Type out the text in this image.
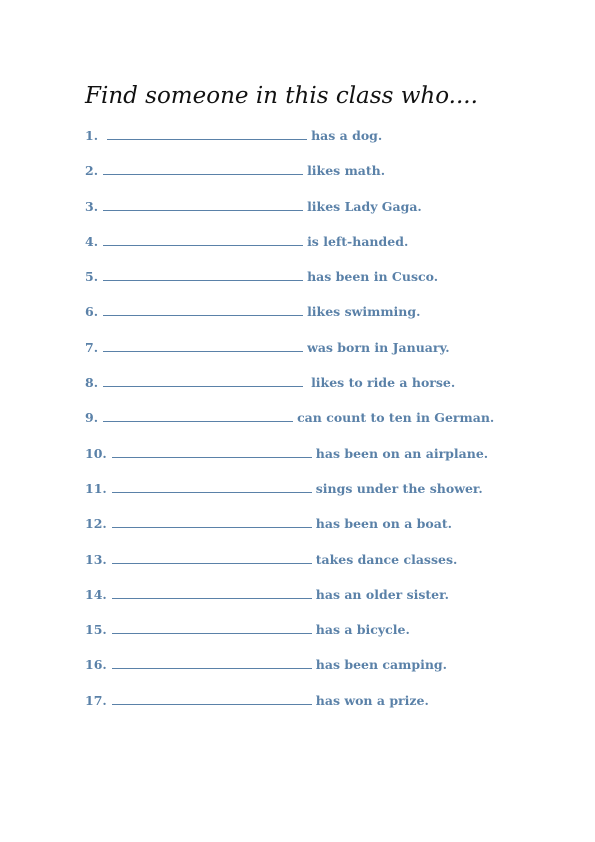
Find someone in this class who....
1.	has a dog.
2.	likes math.
3.	likes Lady Gaga.
4.	is left-handed.
5.	has been in Cusco.
6.	likes swimming.
7.	was born in January.
8.	likes to ride a horse.
9.	can count to ten in German.
10.	has been on an airplane.
11.	sings under the shower.
12.	has been on a boat.
13.	takes dance classes.
14.	has an older sister.
15.	has a bicycle.
16.	has been camping.
17.	has won a prize.
